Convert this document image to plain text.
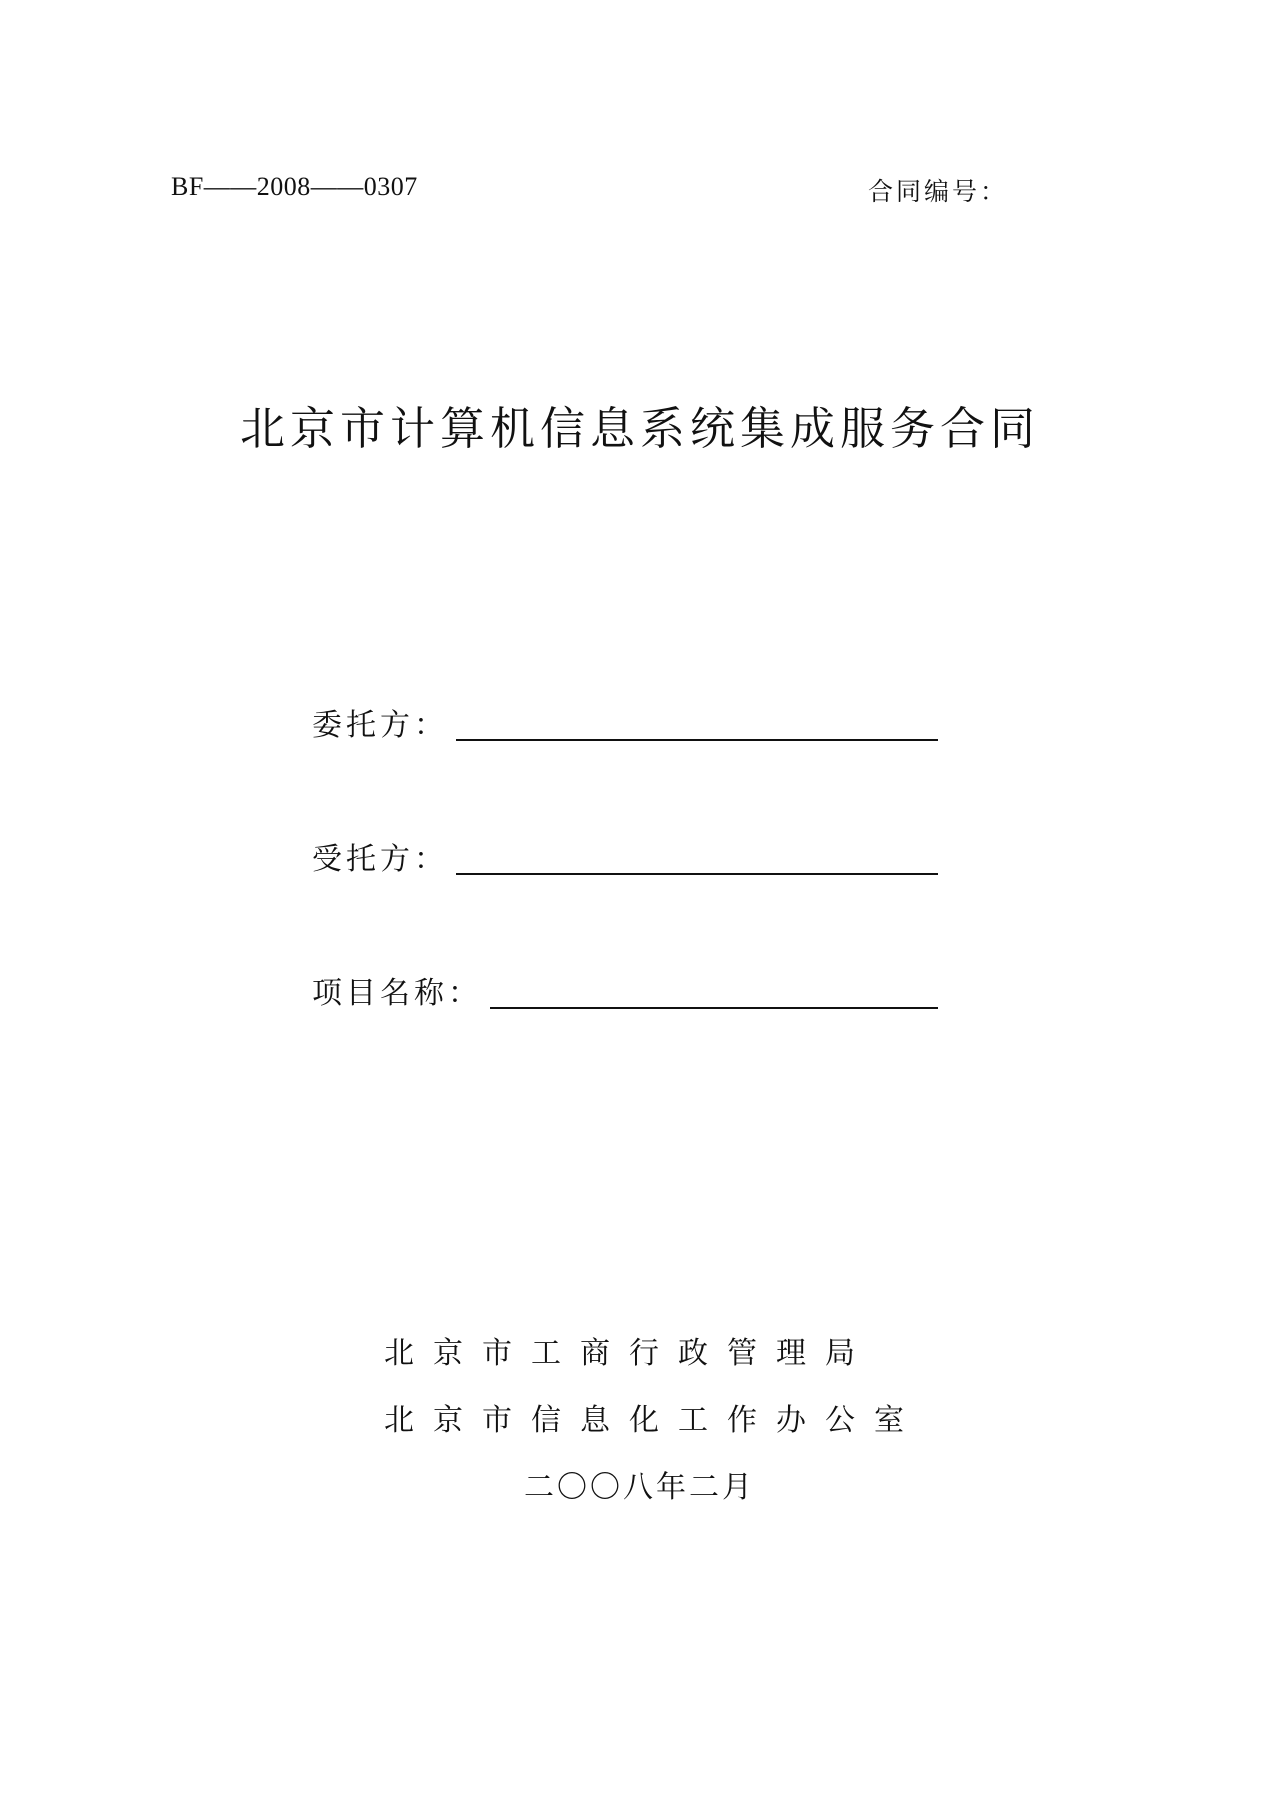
BF——2008——0307	合同编号：
北京市计算机信息系统集成服务合同
委托方：
受托方：
项目名称：
北京市工商行政管理局
北京市信息化工作办公室
二〇〇八年二月
